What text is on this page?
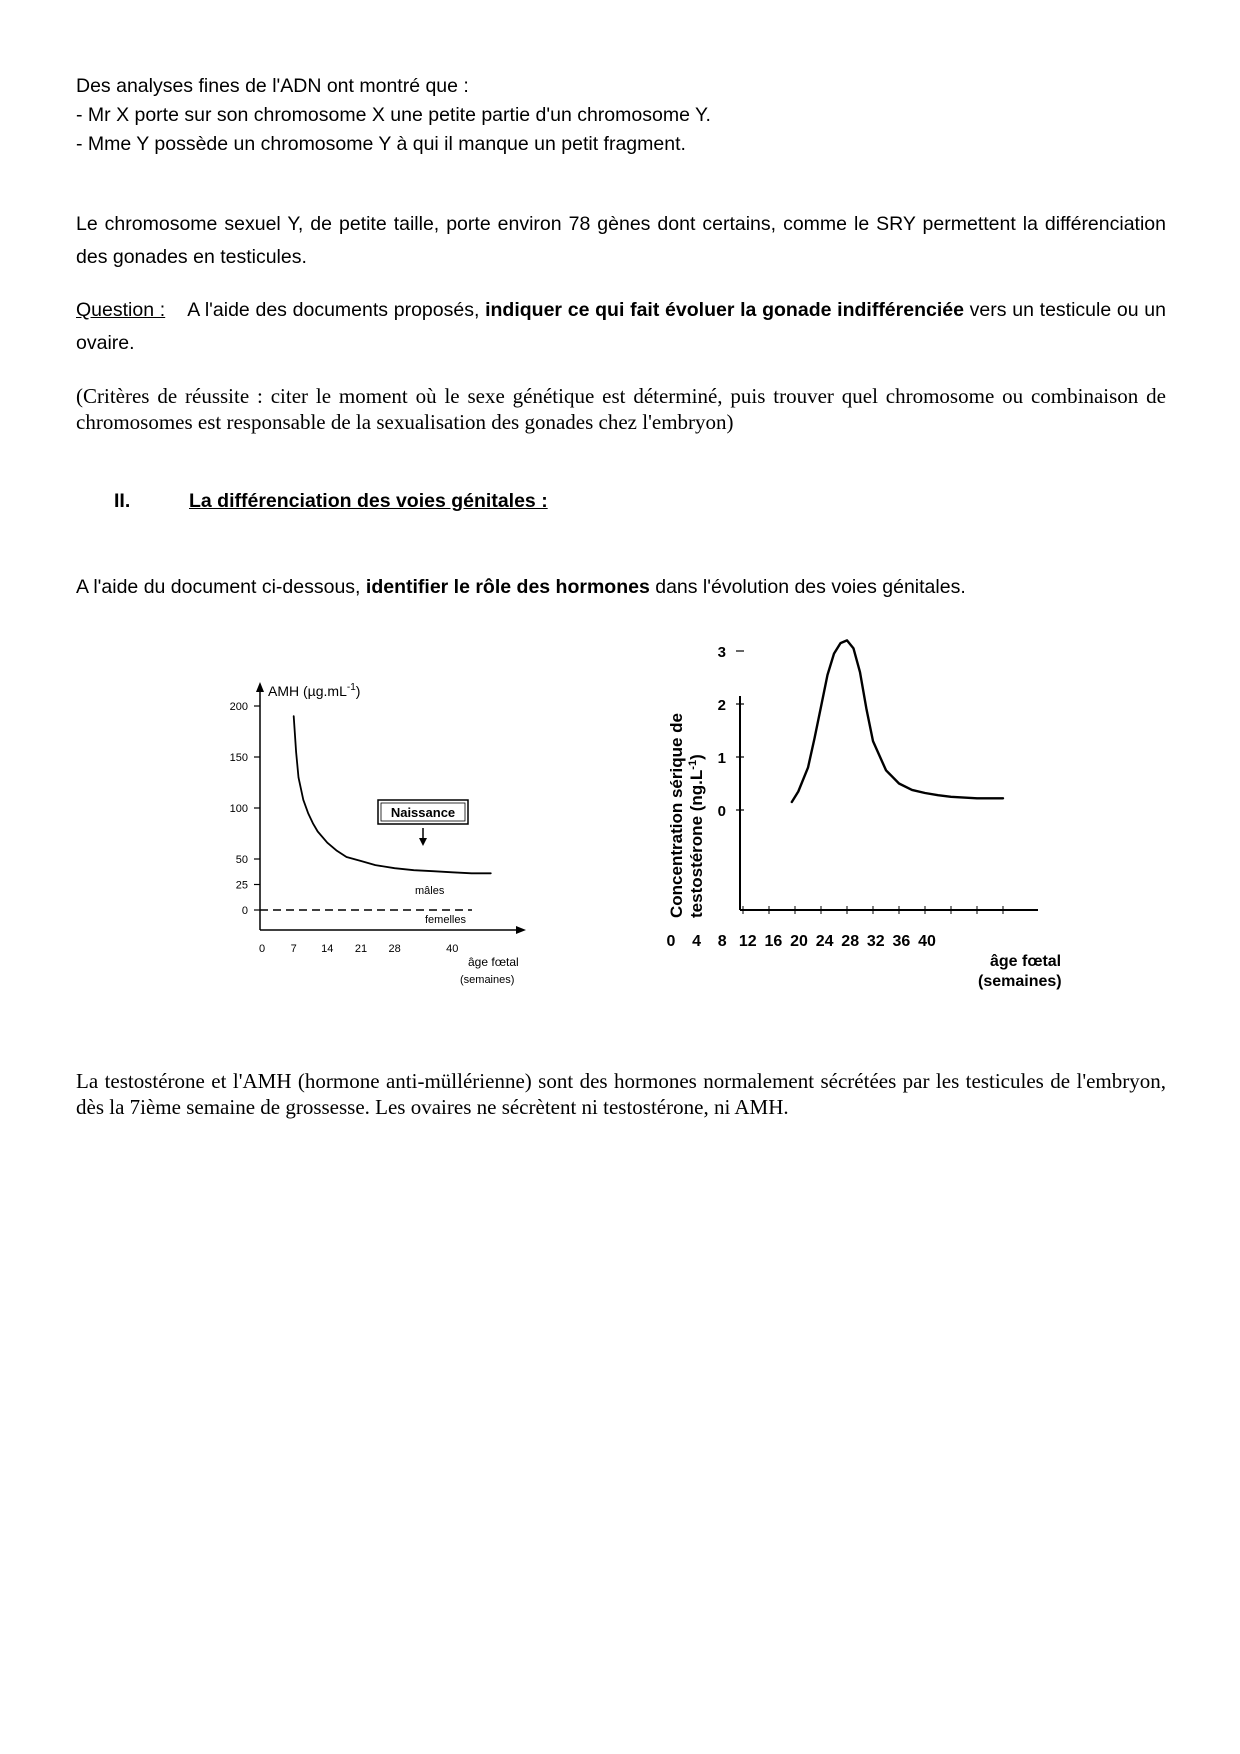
Des analyses fines de l'ADN ont montré que :
- Mr X porte sur son chromosome X une petite partie d'un chromosome Y.
- Mme Y possède un chromosome Y à qui il manque un petit fragment.
Le chromosome sexuel Y, de petite taille, porte environ 78 gènes dont certains, comme le SRY permettent la différenciation des gonades en testicules.
Question : A l'aide des documents proposés, indiquer ce qui fait évoluer la gonade indifférenciée vers un testicule ou un ovaire.
(Critères de réussite : citer le moment où le sexe génétique est déterminé, puis trouver quel chromosome ou combinaison de chromosomes est responsable de la sexualisation des gonades chez l'embryon)
II.	La différenciation des voies génitales :
A l'aide du document ci-dessous, identifier le rôle des hormones dans l'évolution des voies génitales.
AMH $(\mu g.mL^{-1})$
0
25
50
100
150
200
0 7 14 21 28	40
Naissance
mâles
femelles
âge fœtal
(semaines)
Concentration sérique de testostérone $(ng.L^{-1})$
0
1
2
3
0 4 8 12 16 20 24 28 32 36 40
âge fœtal
(semaines)
La testostérone et l'AMH (hormone anti-müllérienne) sont des hormones normalement sécrétées par les testicules de l'embryon, dès la 7ième semaine de grossesse. Les ovaires ne sécrètent ni testostérone, ni AMH.
